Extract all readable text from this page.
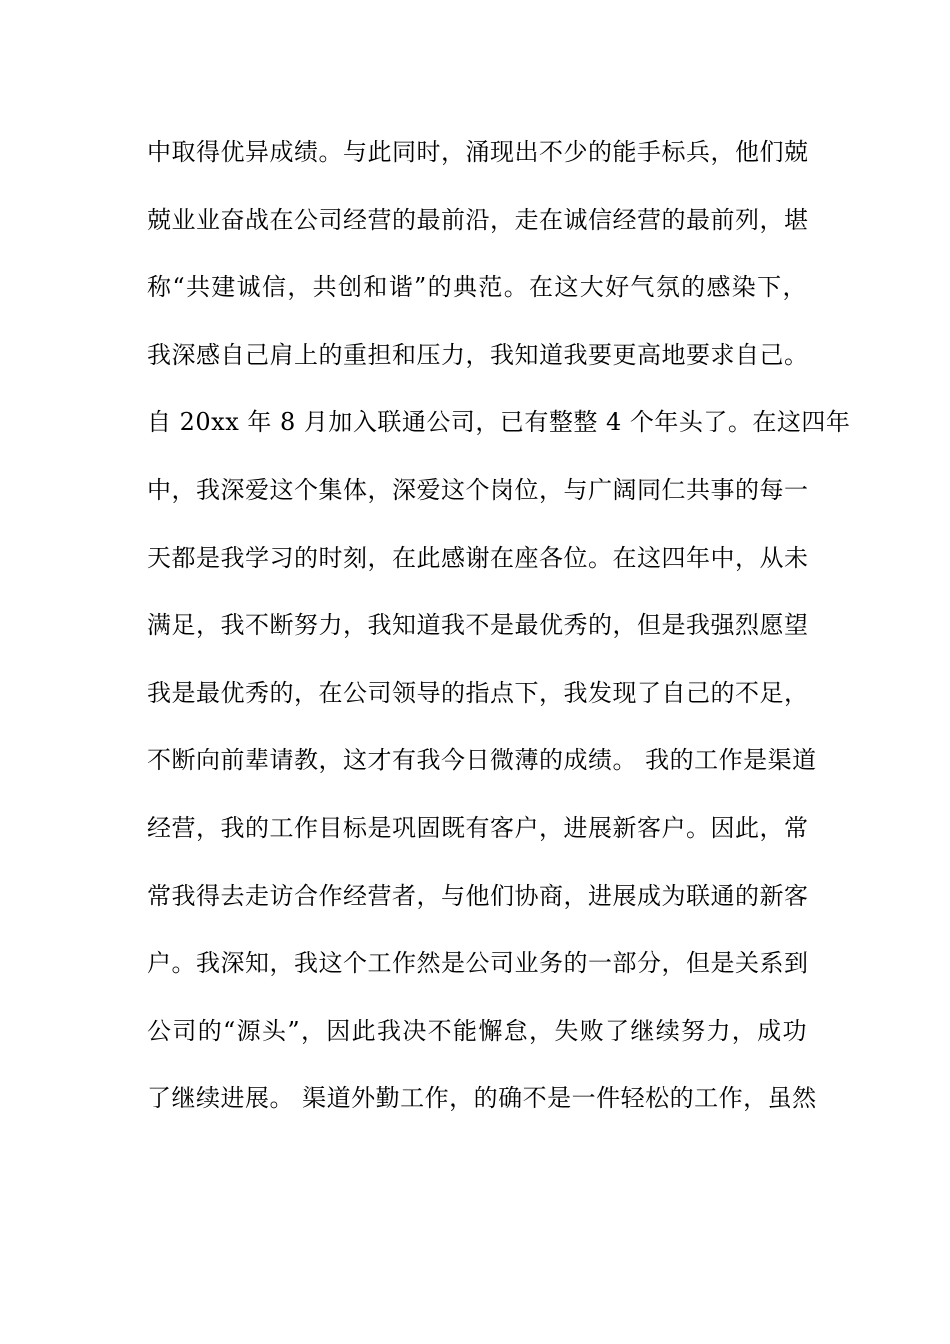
中取得优异成绩。与此同时，涌现出不少的能手标兵，他们兢
兢业业奋战在公司经营的最前沿，走在诚信经营的最前列，堪
称“共建诚信，共创和谐”的典范。在这大好气氛的感染下，
我深感自己肩上的重担和压力，我知道我要更高地要求自己。
自 20xx 年 8 月加入联通公司，已有整整 4 个年头了。在这四年
中，我深爱这个集体，深爱这个岗位，与广阔同仁共事的每一
天都是我学习的时刻，在此感谢在座各位。在这四年中，从未
满足，我不断努力，我知道我不是最优秀的，但是我强烈愿望
我是最优秀的，在公司领导的指点下，我发现了自己的不足，
不断向前辈请教，这才有我今日微薄的成绩。 我的工作是渠道
经营，我的工作目标是巩固既有客户，进展新客户。因此，常
常我得去走访合作经营者，与他们协商，进展成为联通的新客
户。我深知，我这个工作然是公司业务的一部分，但是关系到
公司的“源头”，因此我决不能懈怠，失败了继续努力，成功
了继续进展。 渠道外勤工作，的确不是一件轻松的工作，虽然
